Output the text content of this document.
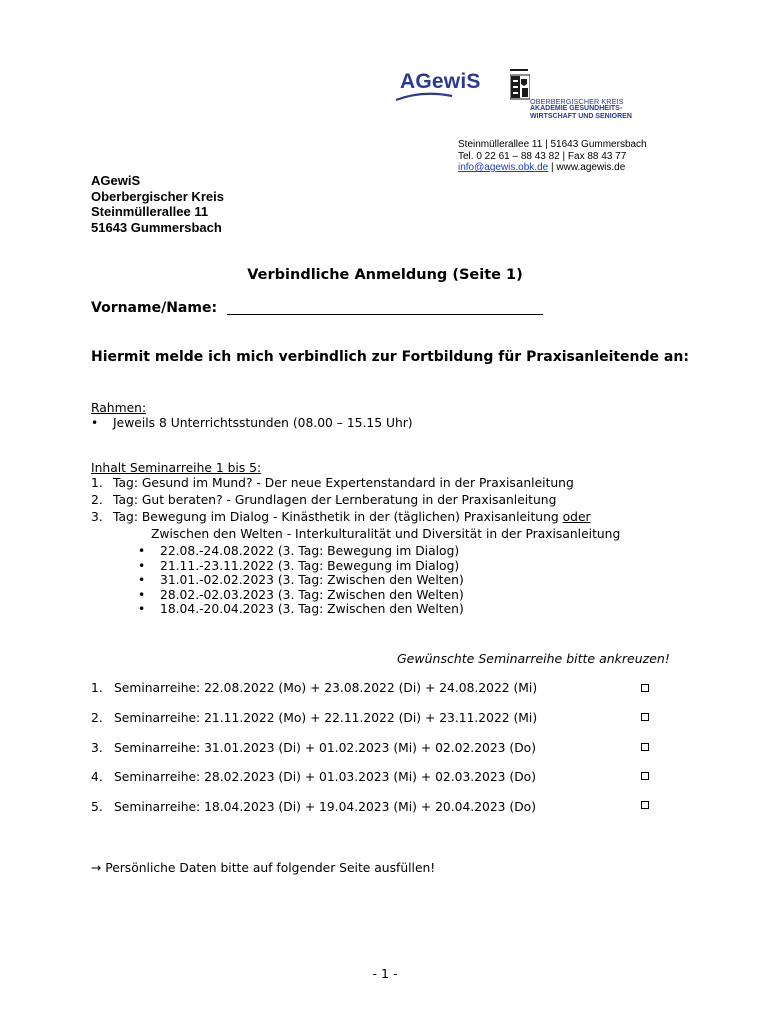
AGewiS
OBERBERGISCHER KREIS
AKADEMIE GESUNDHEITS-
WIRTSCHAFT UND SENIOREN
Steinmüllerallee 11 | 51643 Gummersbach
Tel. 0 22 61 – 88 43 82 | Fax 88 43 77
info@agewis.obk.de | www.agewis.de
AGewiS
Oberbergischer Kreis
Steinmüllerallee 11
51643 Gummersbach
Verbindliche Anmeldung (Seite 1)
Vorname/Name:
Hiermit melde ich mich verbindlich zur Fortbildung für Praxisanleitende an:
Rahmen:
• Jeweils 8 Unterrichtsstunden (08.00 – 15.15 Uhr)
Inhalt Seminarreihe 1 bis 5:
1. Tag: Gesund im Mund? - Der neue Expertenstandard in der Praxisanleitung
2. Tag: Gut beraten? - Grundlagen der Lernberatung in der Praxisanleitung
3. Tag: Bewegung im Dialog - Kinästhetik in der (täglichen) Praxisanleitung oder
Zwischen den Welten - Interkulturalität und Diversität in der Praxisanleitung
• 22.08.-24.08.2022 (3. Tag: Bewegung im Dialog)
• 21.11.-23.11.2022 (3. Tag: Bewegung im Dialog)
• 31.01.-02.02.2023 (3. Tag: Zwischen den Welten)
• 28.02.-02.03.2023 (3. Tag: Zwischen den Welten)
• 18.04.-20.04.2023 (3. Tag: Zwischen den Welten)
Gewünschte Seminarreihe bitte ankreuzen!
1. Seminarreihe: 22.08.2022 (Mo) + 23.08.2022 (Di) + 24.08.2022 (Mi)
2. Seminarreihe: 21.11.2022 (Mo) + 22.11.2022 (Di) + 23.11.2022 (Mi)
3. Seminarreihe: 31.01.2023 (Di) + 01.02.2023 (Mi) + 02.02.2023 (Do)
4. Seminarreihe: 28.02.2023 (Di) + 01.03.2023 (Mi) + 02.03.2023 (Do)
5. Seminarreihe: 18.04.2023 (Di) + 19.04.2023 (Mi) + 20.04.2023 (Do)
→ Persönliche Daten bitte auf folgender Seite ausfüllen!
- 1 -
